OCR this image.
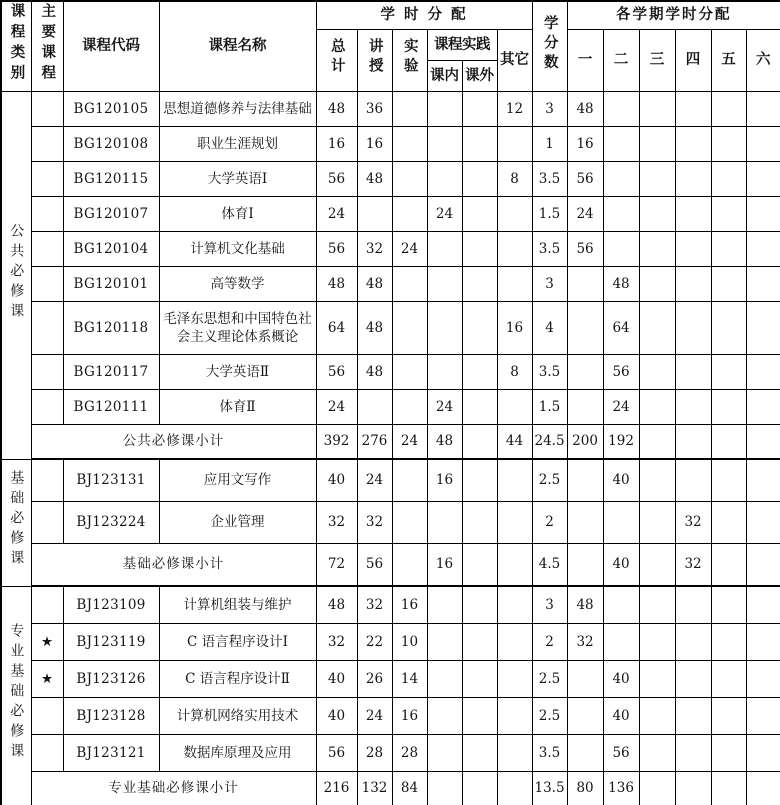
课程类别	主要课程	课程代码	课程名称	学 时 分 配						学分数	各学期学时分配					
				总计	讲授	实验	课程实践		其它		一	二	三	四	五	六
							课内	课外								
公共必修课		BG120105	思想道德修养与法律基础	48	36				12	3	48					
		BG120108	职业生涯规划	16	16					1	16					
		BG120115	大学英语Ⅰ	56	48				8	3.5	56					
		BG120107	体育Ⅰ	24			24			1.5	24					
		BG120104	计算机文化基础	56	32	24				3.5	56					
		BG120101	高等数学	48	48					3		48				
		BG120118	毛泽东思想和中国特色社会主义理论体系概论	64	48				16	4		64				
		BG120117	大学英语Ⅱ	56	48				8	3.5		56				
		BG120111	体育Ⅱ	24			24			1.5		24				
	公共必修课小计			392	276	24	48		44	24.5	200	192				
基础必修课		BJ123131	应用文写作	40	24		16			2.5		40				
		BJ123224	企业管理	32	32					2				32		
	基础必修课小计			72	56		16			4.5		40		32		
专业基础必修课		BJ123109	计算机组装与维护	48	32	16				3	48					
	★	BJ123119	C 语言程序设计Ⅰ	32	22	10				2	32					
	★	BJ123126	C 语言程序设计Ⅱ	40	26	14				2.5		40				
		BJ123128	计算机网络实用技术	40	24	16				2.5		40				
		BJ123121	数据库原理及应用	56	28	28				3.5		56				
	专业基础必修课小计			216	132	84				13.5	80	136				
